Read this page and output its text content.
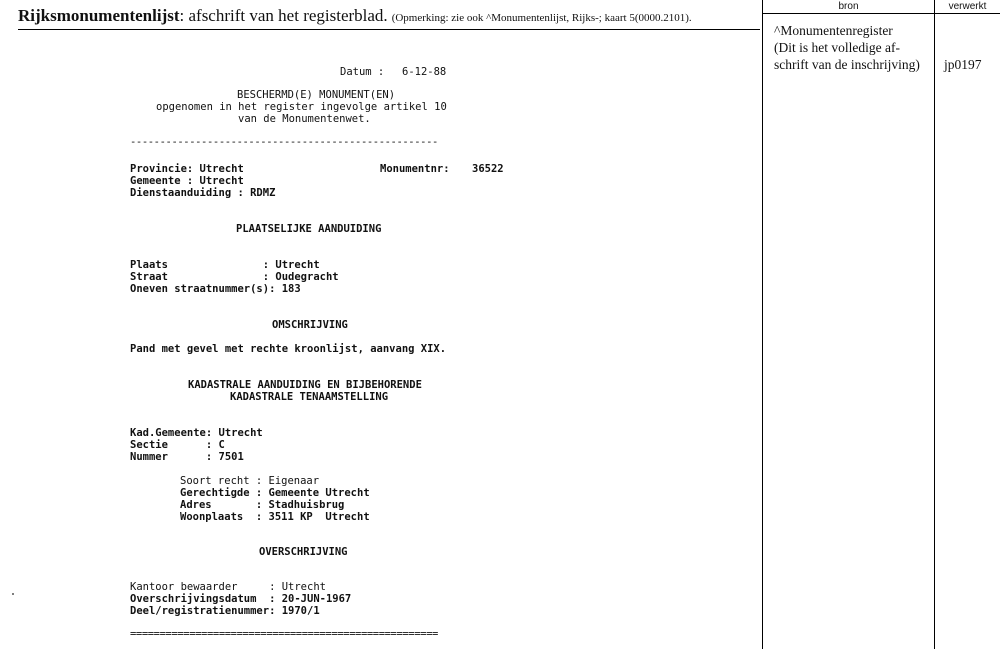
Rijksmonumentenlijst: afschrift van het registerblad. (Opmerking: zie ook ^Monumentenlijst, Rijks-; kaart 5(0000.2101).
bron	verwerkt
^Monumentenregister
(Dit is het volledige af-
schrift van de inschrijving)	jp0197

Datum :

6-12-88

BESCHERMD(E) MONUMENT(EN)

opgenomen in het register ingevolge artikel 10

van de Monumentenwet.

----------------------------------------------------

Provincie: Utrecht

	Monumentnr:

36522

Gemeente : Utrecht

Dienstaanduiding : RDMZ

PLAATSELIJKE AANDUIDING

Plaats               : Utrecht

Straat               : Oudegracht

Oneven straatnummer(s): 183

OMSCHRIJVING

Pand met gevel met rechte kroonlijst, aanvang XIX.

KADASTRALE AANDUIDING EN BIJBEHORENDE

KADASTRALE TENAAMSTELLING

Kad.Gemeente: Utrecht

Sectie      : C

Nummer      : 7501

Soort recht : Eigenaar

Gerechtigde : Gemeente Utrecht

Adres       : Stadhuisbrug

Woonplaats  : 3511 KP  Utrecht

OVERSCHRIJVING

Kantoor bewaarder     : Utrecht

Overschrijvingsdatum  : 20-JUN-1967

Deel/registratienummer: 1970/1

====================================================
